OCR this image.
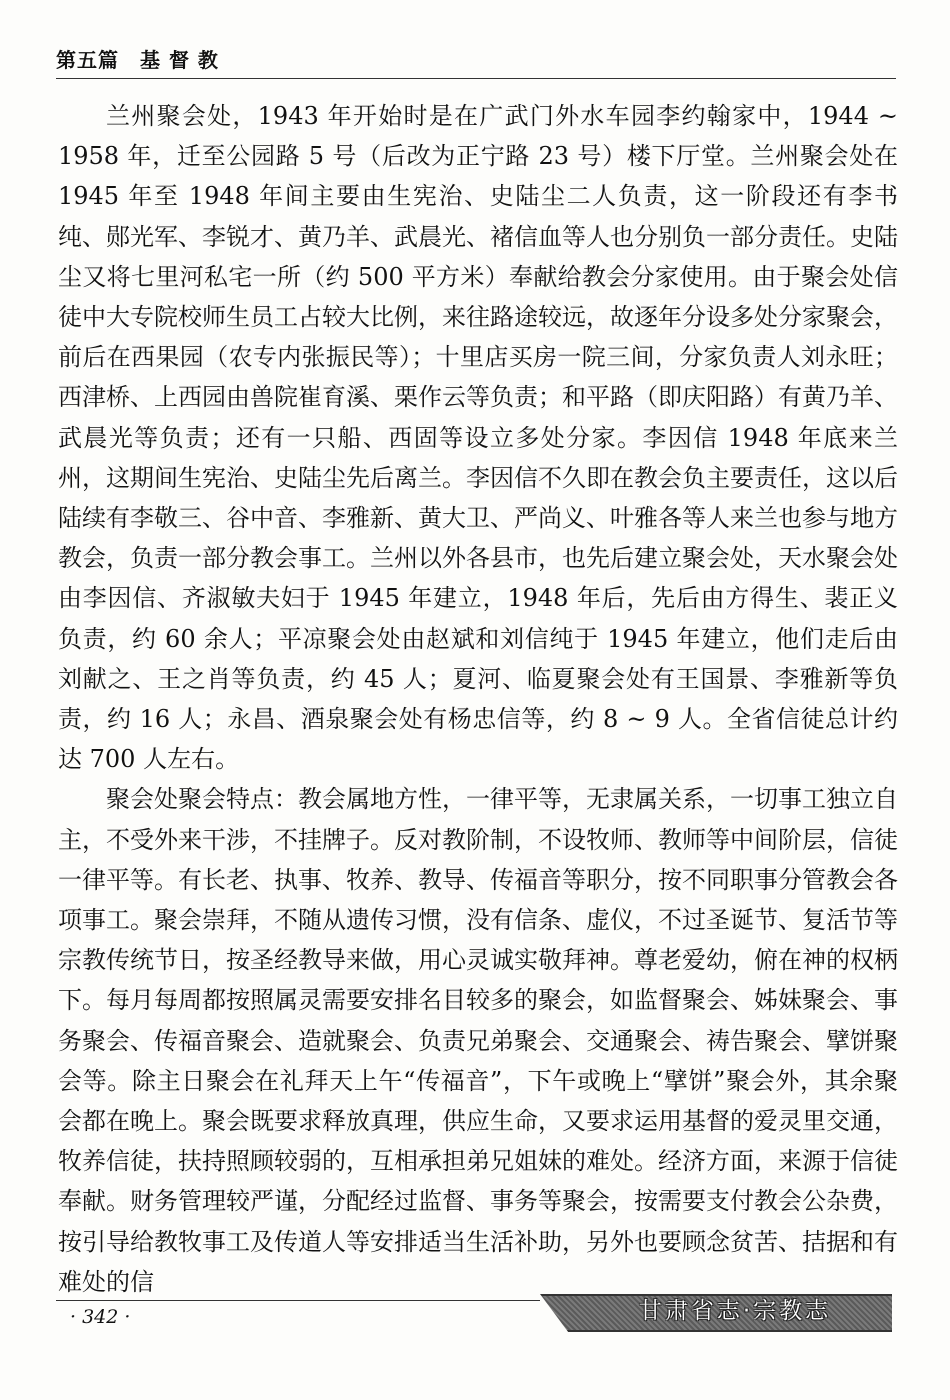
第五篇　基 督 教

兰州聚会处，1943 年开始时是在广武门外水车园李约翰家中，1944 ~ 1958 年，迁至公园路 5 号（后改为正宁路 23 号）楼下厅堂。兰州聚会处在 1945 年至 1948 年间主要由生宪治、史陆尘二人负责，这一阶段还有李书纯、郧光军、李锐才、黄乃羊、武晨光、褚信血等人也分别负一部分责任。史陆尘又将七里河私宅一所（约 500 平方米）奉献给教会分家使用。由于聚会处信徒中大专院校师生员工占较大比例，来往路途较远，故逐年分设多处分家聚会，前后在西果园（农专内张振民等）；十里店买房一院三间，分家负责人刘永旺；西津桥、上西园由兽院崔育溪、栗作云等负责；和平路（即庆阳路）有黄乃羊、武晨光等负责；还有一只船、西固等设立多处分家。李因信 1948 年底来兰州，这期间生宪治、史陆尘先后离兰。李因信不久即在教会负主要责任，这以后陆续有李敬三、谷中音、李雅新、黄大卫、严尚义、叶雅各等人来兰也参与地方教会，负责一部分教会事工。兰州以外各县市，也先后建立聚会处，天水聚会处由李因信、齐淑敏夫妇于 1945 年建立，1948 年后，先后由方得生、裴正义负责，约 60 余人；平凉聚会处由赵斌和刘信纯于 1945 年建立，他们走后由刘献之、王之肖等负责，约 45 人；夏河、临夏聚会处有王国景、李雅新等负责，约 16 人；永昌、酒泉聚会处有杨忠信等，约 8 ~ 9 人。全省信徒总计约达 700 人左右。

聚会处聚会特点：教会属地方性，一律平等，无隶属关系，一切事工独立自主，不受外来干涉，不挂牌子。反对教阶制，不设牧师、教师等中间阶层，信徒一律平等。有长老、执事、牧养、教导、传福音等职分，按不同职事分管教会各项事工。聚会崇拜，不随从遗传习惯，没有信条、虚仪，不过圣诞节、复活节等宗教传统节日，按圣经教导来做，用心灵诚实敬拜神。尊老爱幼，俯在神的权柄下。每月每周都按照属灵需要安排名目较多的聚会，如监督聚会、姊妹聚会、事务聚会、传福音聚会、造就聚会、负责兄弟聚会、交通聚会、祷告聚会、擘饼聚会等。除主日聚会在礼拜天上午“传福音”，下午或晚上“擘饼”聚会外，其余聚会都在晚上。聚会既要求释放真理，供应生命，又要求运用基督的爱灵里交通，牧养信徒，扶持照顾较弱的，互相承担弟兄姐妹的难处。经济方面，来源于信徒奉献。财务管理较严谨，分配经过监督、事务等聚会，按需要支付教会公杂费，按引导给教牧事工及传道人等安排适当生活补助，另外也要顾念贫苦、拮据和有难处的信

· 342 ·	甘肃省志·宗教志
